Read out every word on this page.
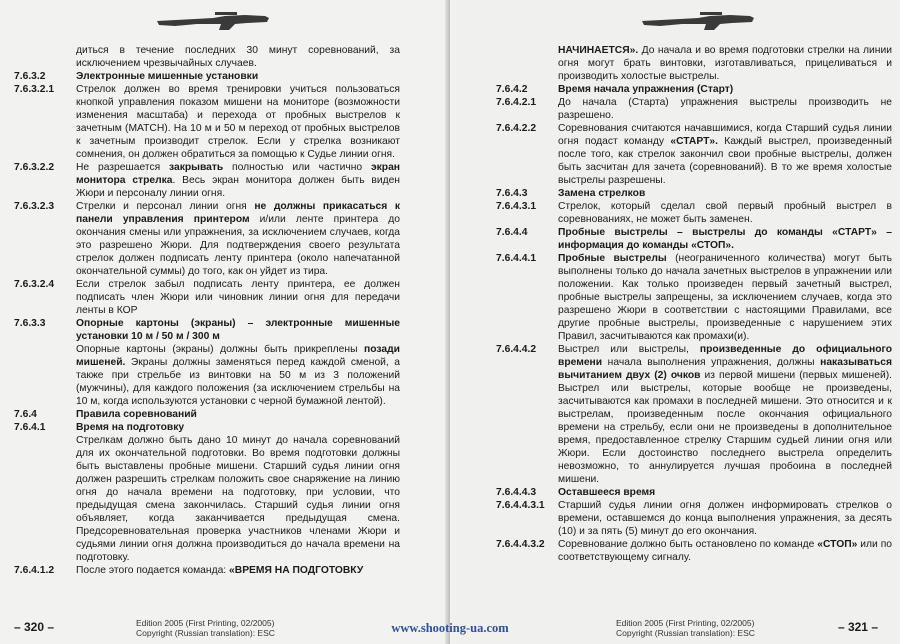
диться в течение последних 30 минут соревнований, за исключением чрезвычайных случаев.
7.6.3.2	Электронные мишенные установки
7.6.3.2.1	Стрелок должен во время тренировки учиться пользоваться кнопкой управления показом мишени на мониторе (возможности изменения масштаба) и перехода от пробных выстрелов к зачетным (MATCH). На 10 м и 50 м переход от пробных выстрелов к зачетным производит стрелок. Если у стрелка возникают сомнения, он должен обратиться за помощью к Судье линии огня.
7.6.3.2.2	Не разрешается закрывать полностью или частично экран монитора стрелка. Весь экран монитора должен быть виден Жюри и персоналу линии огня.
7.6.3.2.3	Стрелки и персонал линии огня не должны прикасаться к панели управления принтером и/или ленте принтера до окончания смены или упражнения, за исключением случаев, когда это разрешено Жюри. Для подтверждения своего результата стрелок должен подписать ленту принтера (около напечатанной окончательной суммы) до того, как он уйдет из тира.
7.6.3.2.4	Если стрелок забыл подписать ленту принтера, ее должен подписать член Жюри или чиновник линии огня для передачи ленты в КОР
7.6.3.3	Опорные картоны (экраны) – электронные мишенные установки 10 м / 50 м / 300 м
Опорные картоны (экраны) должны быть прикреплены позади мишеней. Экраны должны заменяться перед каждой сменой, а также при стрельбе из винтовки на 50 м из 3 положений (мужчины), для каждого положения (за исключением стрельбы на 10 м, когда используются установки с черной бумажной лентой).
7.6.4	Правила соревнований
7.6.4.1	Время на подготовку
Стрелкам должно быть дано 10 минут до начала соревнований для их окончательной подготовки. Во время подготовки должны быть выставлены пробные мишени. Старший судья линии огня должен разрешить стрелкам положить свое снаряжение на линию огня до начала времени на подготовку, при условии, что предыдущая смена закончилась. Старший судья линии огня объявляет, когда заканчивается предыдущая смена. Предсоревновательная проверка участников членами Жюри и судьями линии огня должна производиться до начала времени на подготовку.
7.6.4.1.2	После этого подается команда: «ВРЕМЯ НА ПОДГОТОВКУ
– 320 –	Edition 2005 (First Printing, 02/2005)
Copyright (Russian translation): ESC
НАЧИНАЕТСЯ». До начала и во время подготовки стрелки на линии огня могут брать винтовки, изготавливаться, прицеливаться и производить холостые выстрелы.
7.6.4.2	Время начала упражнения (Старт)
7.6.4.2.1	До начала (Старта) упражнения выстрелы производить не разрешено.
7.6.4.2.2	Соревнования считаются начавшимися, когда Старший судья линии огня подаст команду «СТАРТ». Каждый выстрел, произведенный после того, как стрелок закончил свои пробные выстрелы, должен быть засчитан для зачета (соревнований). В то же время холостые выстрелы разрешены.
7.6.4.3	Замена стрелков
7.6.4.3.1	Стрелок, который сделал свой первый пробный выстрел в соревнованиях, не может быть заменен.
7.6.4.4	Пробные выстрелы – выстрелы до команды «СТАРТ» – информация до команды «СТОП».
7.6.4.4.1	Пробные выстрелы (неограниченного количества) могут быть выполнены только до начала зачетных выстрелов в упражнении или положении. Как только произведен первый зачетный выстрел, пробные выстрелы запрещены, за исключением случаев, когда это разрешено Жюри в соответствии с настоящими Правилами, все другие пробные выстрелы, произведенные с нарушением этих Правил, засчитываются как промахи(и).
7.6.4.4.2	Выстрел или выстрелы, произведенные до официального времени начала выполнения упражнения, должны наказываться вычитанием двух (2) очков из первой мишени (первых мишеней). Выстрел или выстрелы, которые вообще не произведены, засчитываются как промахи в последней мишени. Это относится и к выстрелам, произведенным после окончания официального времени на стрельбу, если они не произведены в дополнительное время, предоставленное стрелку Старшим судьей линии огня или Жюри. Если достоинство последнего выстрела определить невозможно, то аннулируется лучшая пробоина в последней мишени.
7.6.4.4.3	Оставшееся время
7.6.4.4.3.1	Старший судья линии огня должен информировать стрелков о времени, оставшемся до конца выполнения упражнения, за десять (10) и за пять (5) минут до его окончания.
7.6.4.4.3.2	Соревнование должно быть остановлено по команде «СТОП» или по соответствующему сигналу.
– 321 –
Edition 2005 (First Printing, 02/2005)
Copyright (Russian translation): ESC
www.shooting-ua.com
